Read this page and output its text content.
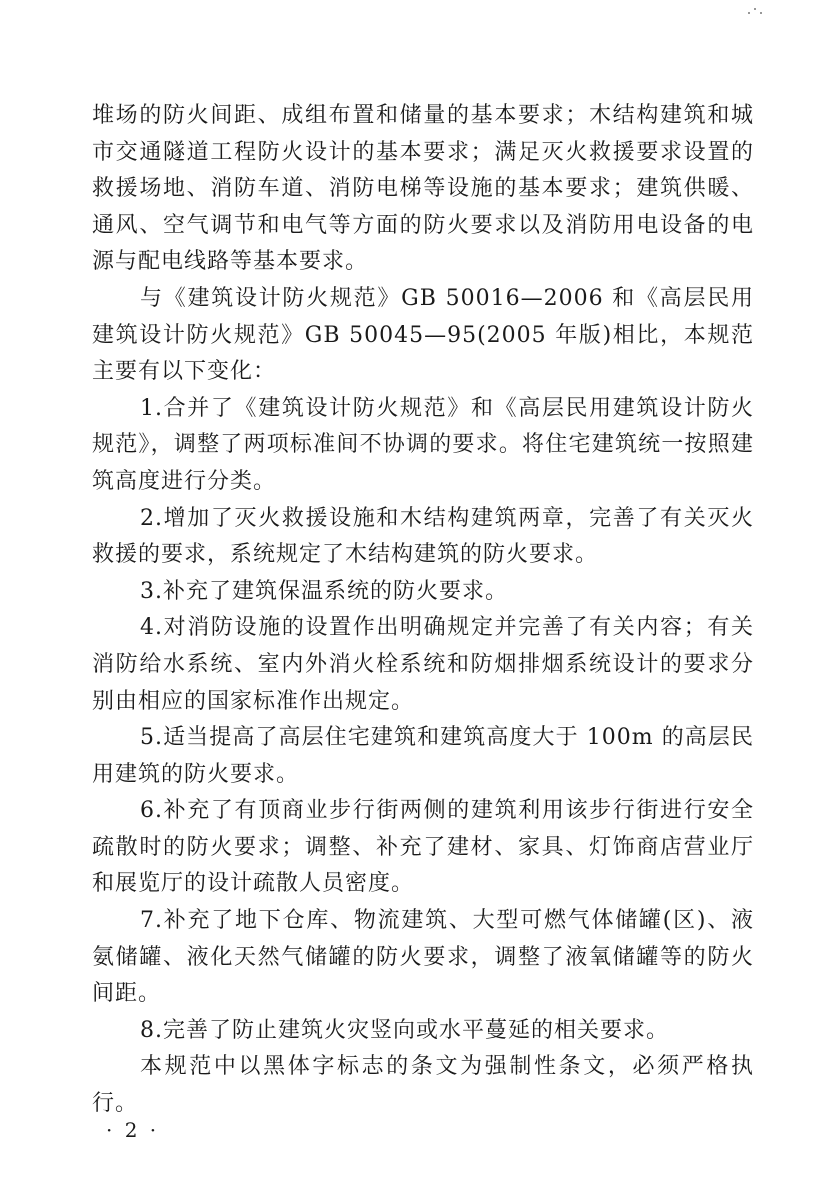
堆场的防火间距、成组布置和储量的基本要求；木结构建筑和城市交通隧道工程防火设计的基本要求；满足灭火救援要求设置的救援场地、消防车道、消防电梯等设施的基本要求；建筑供暖、通风、空气调节和电气等方面的防火要求以及消防用电设备的电源与配电线路等基本要求。

与《建筑设计防火规范》GB 50016—2006 和《高层民用建筑设计防火规范》GB 50045—95(2005 年版)相比，本规范主要有以下变化：

1.合并了《建筑设计防火规范》和《高层民用建筑设计防火规范》，调整了两项标准间不协调的要求。将住宅建筑统一按照建筑高度进行分类。

2.增加了灭火救援设施和木结构建筑两章，完善了有关灭火救援的要求，系统规定了木结构建筑的防火要求。

3.补充了建筑保温系统的防火要求。

4.对消防设施的设置作出明确规定并完善了有关内容；有关消防给水系统、室内外消火栓系统和防烟排烟系统设计的要求分别由相应的国家标准作出规定。

5.适当提高了高层住宅建筑和建筑高度大于 100m 的高层民用建筑的防火要求。

6.补充了有顶商业步行街两侧的建筑利用该步行街进行安全疏散时的防火要求；调整、补充了建材、家具、灯饰商店营业厅和展览厅的设计疏散人员密度。

7.补充了地下仓库、物流建筑、大型可燃气体储罐(区)、液氨储罐、液化天然气储罐的防火要求，调整了液氧储罐等的防火间距。

8.完善了防止建筑火灾竖向或水平蔓延的相关要求。

本规范中以黑体字标志的条文为强制性条文，必须严格执行。

· 2 ·
